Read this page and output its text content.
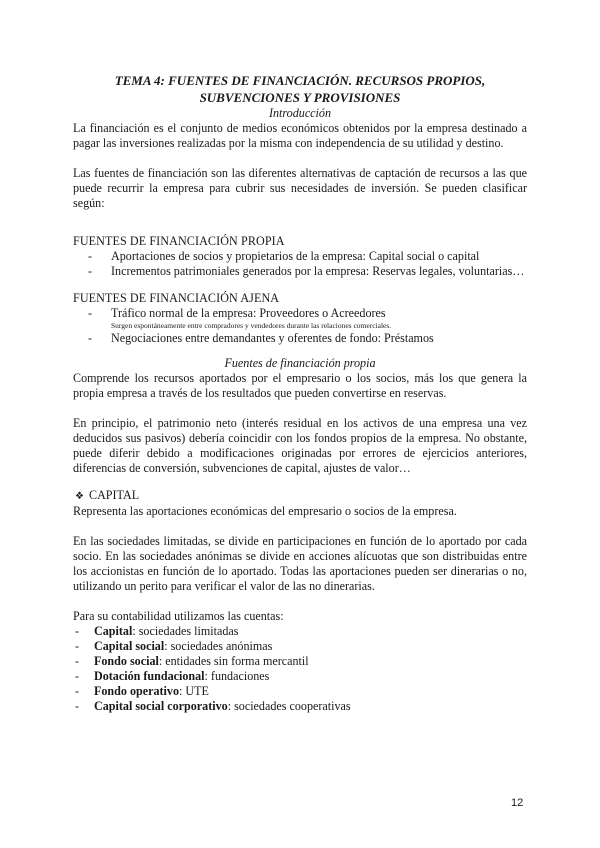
TEMA 4: FUENTES DE FINANCIACIÓN. RECURSOS PROPIOS,

SUBVENCIONES Y PROVISIONES

Introducción

La financiación es el conjunto de medios económicos obtenidos por la empresa destinado a pagar las inversiones realizadas por la misma con independencia de su utilidad y destino.

Las fuentes de financiación son las diferentes alternativas de captación de recursos a las que puede recurrir la empresa para cubrir sus necesidades de inversión. Se pueden clasificar según:

FUENTES DE FINANCIACIÓN PROPIA

- Aportaciones de socios y propietarios de la empresa: Capital social o capital
- Incrementos patrimoniales generados por la empresa: Reservas legales, voluntarias…

FUENTES DE FINANCIACIÓN AJENA

- Tráfico normal de la empresa: Proveedores o Acreedores
Surgen espontáneamente entre compradores y vendedores durante las relaciones comerciales.
- Negociaciones entre demandantes y oferentes de fondo: Préstamos

Fuentes de financiación propia

Comprende los recursos aportados por el empresario o los socios, más los que genera la propia empresa a través de los resultados que pueden convertirse en reservas.

En principio, el patrimonio neto (interés residual en los activos de una empresa una vez deducidos sus pasivos) debería coincidir con los fondos propios de la empresa. No obstante, puede diferir debido a modificaciones originadas por errores de ejercicios anteriores, diferencias de conversión, subvenciones de capital, ajustes de valor…

❖ CAPITAL

Representa las aportaciones económicas del empresario o socios de la empresa.

En las sociedades limitadas, se divide en participaciones en función de lo aportado por cada socio. En las sociedades anónimas se divide en acciones alícuotas que son distribuidas entre los accionistas en función de lo aportado. Todas las aportaciones pueden ser dinerarias o no, utilizando un perito para verificar el valor de las no dinerarias.

Para su contabilidad utilizamos las cuentas:

- Capital: sociedades limitadas
- Capital social: sociedades anónimas
- Fondo social: entidades sin forma mercantil
- Dotación fundacional: fundaciones
- Fondo operativo: UTE
- Capital social corporativo: sociedades cooperativas
12
